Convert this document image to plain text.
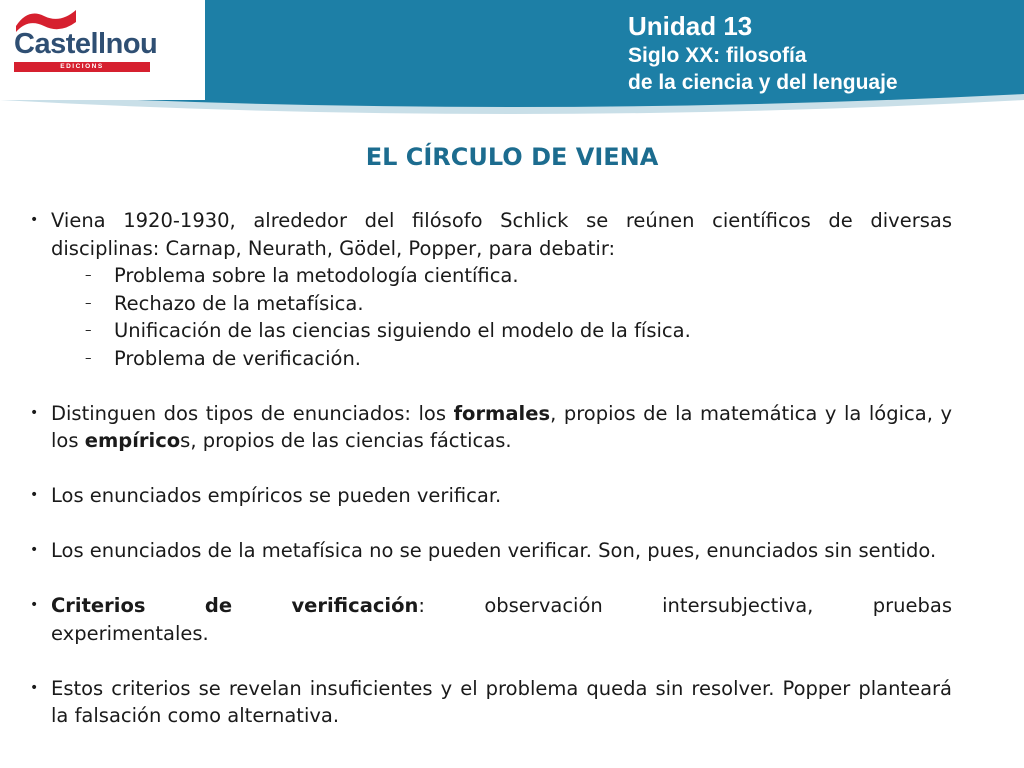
Castellnou
EDICIONS
Unidad 13
Siglo XX: filosofía
de la ciencia y del lenguaje
EL CÍRCULO DE VIENA
• Viena 1920-1930, alrededor del filósofo Schlick se reúnen científicos de diversas disciplinas: Carnap, Neurath, Gödel, Popper, para debatir:
– Problema sobre la metodología científica.
– Rechazo de la metafísica.
– Unificación de las ciencias siguiendo el modelo de la física.
– Problema de verificación.
• Distinguen dos tipos de enunciados: los formales, propios de la matemática y la lógica, y los empíricos, propios de las ciencias fácticas.
• Los enunciados empíricos se pueden verificar.
• Los enunciados de la metafísica no se pueden verificar. Son, pues, enunciados sin sentido.
• Criterios	de	verificación:	observación	intersubjectiva,	pruebas
experimentales.
• Estos criterios se revelan insuficientes y el problema queda sin resolver. Popper planteará la falsación como alternativa.
